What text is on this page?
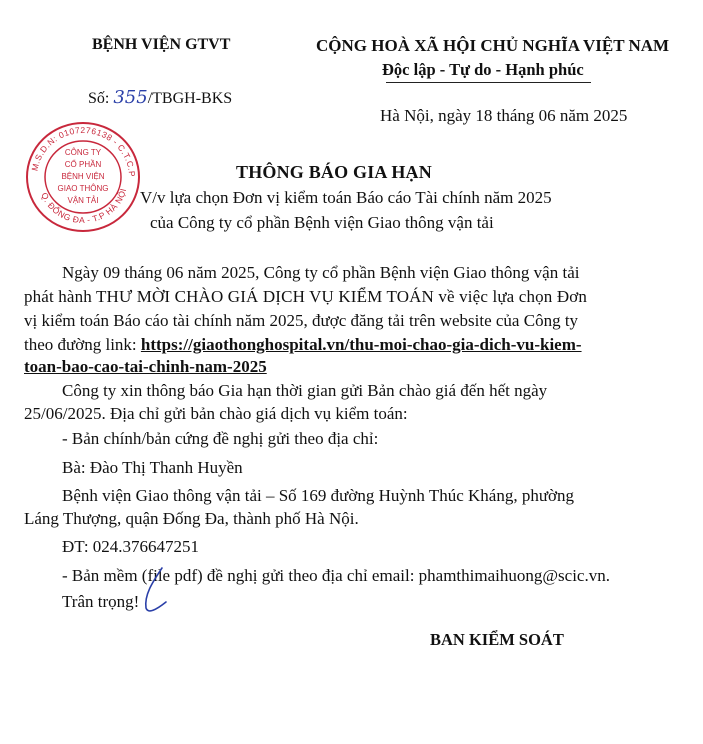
BỆNH VIỆN GTVT	CỘNG HOÀ XÃ HỘI CHỦ NGHĨA VIỆT NAM
Độc lập - Tự do - Hạnh phúc
Số: 355/TBGH-BKS
Hà Nội, ngày 18 tháng 06 năm 2025
M.S.D.N: 0107276138 - C.T.C.P
Q. ĐỐNG ĐA - T.P HÀ NỘI
CÔNG TY
CỔ PHẦN
BỆNH VIỆN
GIAO THÔNG
VẬN TẢI
THÔNG BÁO GIA HẠN
V/v lựa chọn Đơn vị kiểm toán Báo cáo Tài chính năm 2025
của Công ty cổ phần Bệnh viện Giao thông vận tải
Ngày 09 tháng 06 năm 2025, Công ty cổ phần Bệnh viện Giao thông vận tải
phát hành THƯ MỜI CHÀO GIÁ DỊCH VỤ KIỂM TOÁN về việc lựa chọn Đơn
vị kiểm toán Báo cáo tài chính năm 2025, được đăng tải trên website của Công ty
theo đường link: https://giaothonghospital.vn/thu-moi-chao-gia-dich-vu-kiem-
toan-bao-cao-tai-chinh-nam-2025
Công ty xin thông báo Gia hạn thời gian gửi Bản chào giá đến hết ngày
25/06/2025. Địa chỉ gửi bản chào giá dịch vụ kiểm toán:
- Bản chính/bản cứng đề nghị gửi theo địa chỉ:
Bà: Đào Thị Thanh Huyền
Bệnh viện Giao thông vận tải – Số 169 đường Huỳnh Thúc Kháng, phường
Láng Thượng, quận Đống Đa, thành phố Hà Nội.
ĐT: 024.376647251
- Bản mềm (file pdf) đề nghị gửi theo địa chỉ email: phamthimaihuong@scic.vn.
Trân trọng!
BAN KIỂM SOÁT
